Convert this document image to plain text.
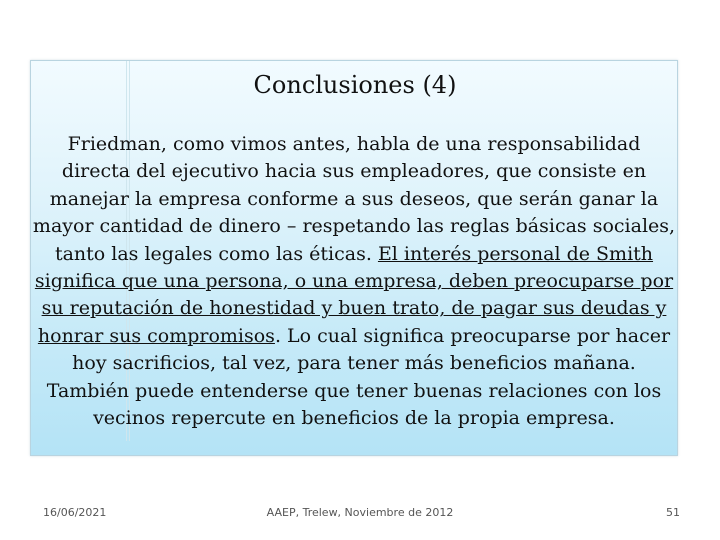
Conclusiones (4)

Friedman, como vimos antes, habla de una responsabilidad directa del ejecutivo hacia sus empleadores, que consiste en manejar la empresa conforme a sus deseos, que serán ganar la mayor cantidad de dinero – respetando las reglas básicas sociales, tanto las legales como las éticas. El interés personal de Smith significa que una persona, o una empresa, deben preocuparse por su reputación de honestidad y buen trato, de pagar sus deudas y honrar sus compromisos. Lo cual significa preocuparse por hacer hoy sacrificios, tal vez, para tener más beneficios mañana. También puede entenderse que tener buenas relaciones con los vecinos repercute en beneficios de la propia empresa.

16/06/2021	AAEP, Trelew, Noviembre de 2012	51
